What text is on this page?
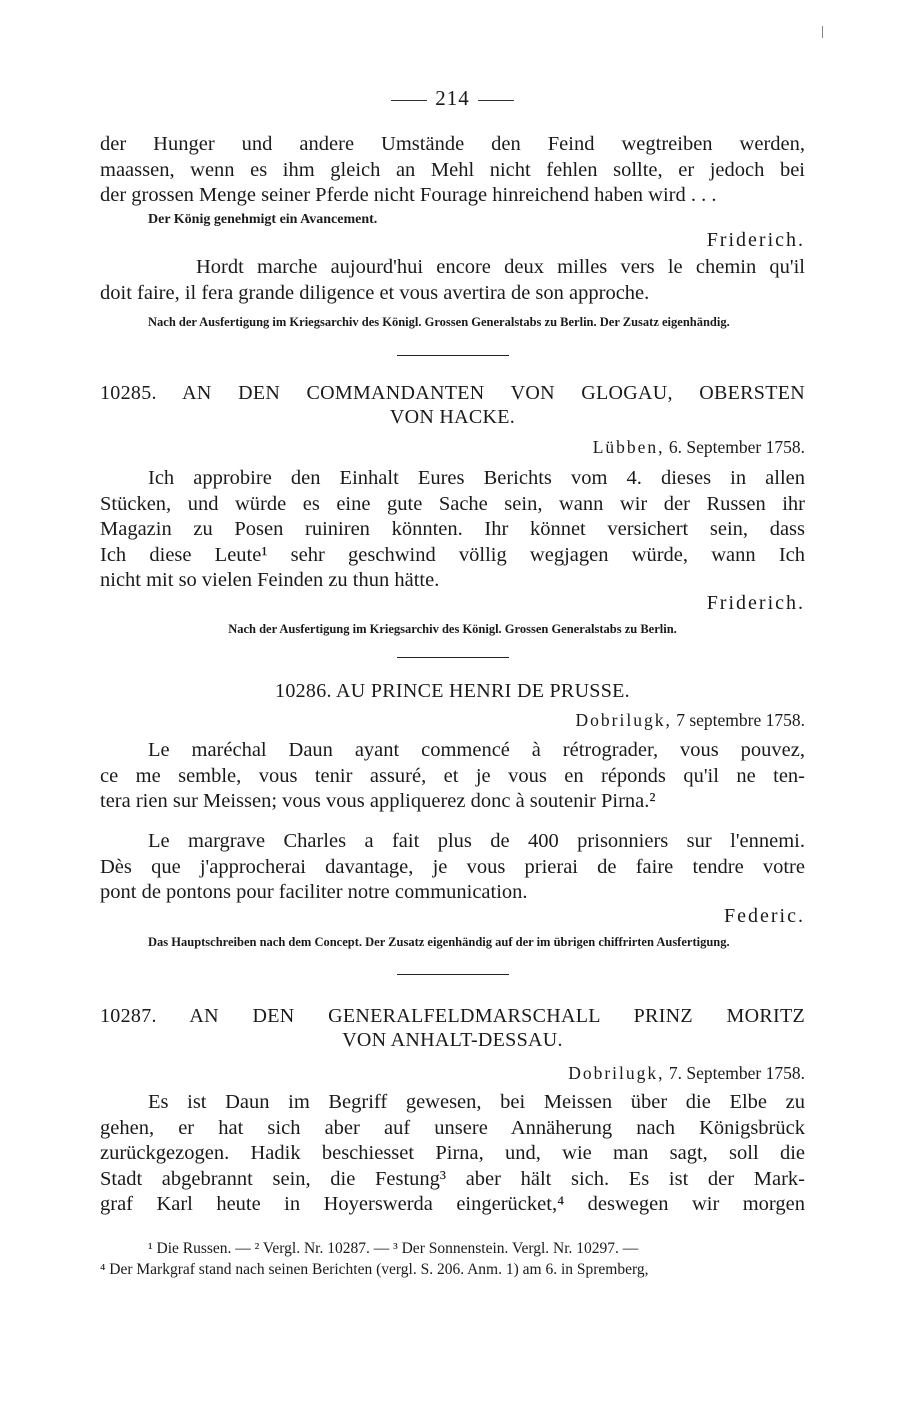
214
der Hunger und andere Umstände den Feind wegtreiben werden,
maassen, wenn es ihm gleich an Mehl nicht fehlen sollte, er jedoch bei
der grossen Menge seiner Pferde nicht Fourage hinreichend haben wird . . .
Der König genehmigt ein Avancement.
Friderich.
Hordt marche aujourd'hui encore deux milles vers le chemin qu'il
doit faire, il fera grande diligence et vous avertira de son approche.
Nach der Ausfertigung im Kriegsarchiv des Königl. Grossen Generalstabs zu Berlin. Der Zusatz eigenhändig.
10285. AN DEN COMMANDANTEN VON GLOGAU, OBERSTEN
VON HACKE.
Lübben, 6. September 1758.
Ich approbire den Einhalt Eures Berichts vom 4. dieses in allen
Stücken, und würde es eine gute Sache sein, wann wir der Russen ihr
Magazin zu Posen ruiniren könnten. Ihr könnet versichert sein, dass
Ich diese Leute¹ sehr geschwind völlig wegjagen würde, wann Ich
nicht mit so vielen Feinden zu thun hätte.
Friderich.
Nach der Ausfertigung im Kriegsarchiv des Königl. Grossen Generalstabs zu Berlin.
10286. AU PRINCE HENRI DE PRUSSE.
Dobrilugk, 7 septembre 1758.
Le maréchal Daun ayant commencé à rétrograder, vous pouvez,
ce me semble, vous tenir assuré, et je vous en réponds qu'il ne ten-
tera rien sur Meissen; vous vous appliquerez donc à soutenir Pirna.²
Le margrave Charles a fait plus de 400 prisonniers sur l'ennemi.
Dès que j'approcherai davantage, je vous prierai de faire tendre votre
pont de pontons pour faciliter notre communication.
Federic.
Das Hauptschreiben nach dem Concept. Der Zusatz eigenhändig auf der im übrigen chiffrirten Ausfertigung.
10287. AN DEN GENERALFELDMARSCHALL PRINZ MORITZ
VON ANHALT-DESSAU.
Dobrilugk, 7. September 1758.
Es ist Daun im Begriff gewesen, bei Meissen über die Elbe zu
gehen, er hat sich aber auf unsere Annäherung nach Königsbrück
zurückgezogen. Hadik beschiesset Pirna, und, wie man sagt, soll die
Stadt abgebrannt sein, die Festung³ aber hält sich. Es ist der Mark-
graf Karl heute in Hoyerswerda eingerücket,⁴ deswegen wir morgen
¹ Die Russen. — ² Vergl. Nr. 10287. — ³ Der Sonnenstein. Vergl. Nr. 10297. —
⁴ Der Markgraf stand nach seinen Berichten (vergl. S. 206. Anm. 1) am 6. in Spremberg,
